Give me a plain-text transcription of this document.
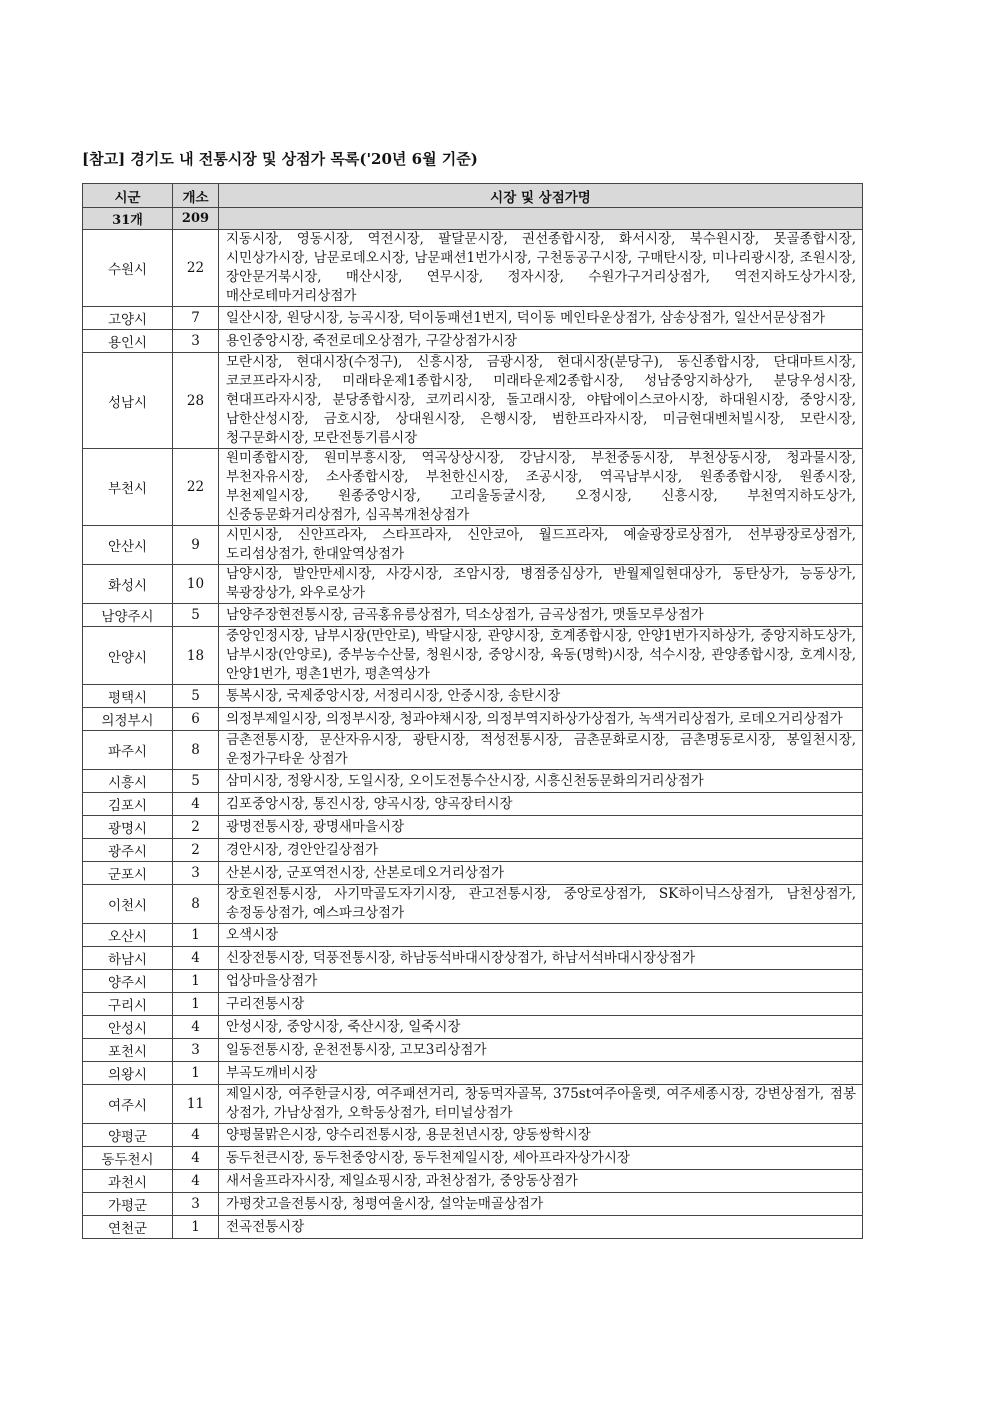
[참고] 경기도 내 전통시장 및 상점가 목록('20년 6월 기준)
시군	개소	시장 및 상점가명
31개	209	
수원시	22	지동시장, 영동시장, 역전시장, 팔달문시장, 권선종합시장, 화서시장, 북수원시장, 못골종합시장, 시민상가시장, 남문로데오시장, 남문패션1번가시장, 구천동공구시장, 구매탄시장, 미나리광시장, 조원시장, 장안문거북시장, 매산시장, 연무시장, 정자시장, 수원가구거리상점가, 역전지하도상가시장, 매산로테마거리상점가
고양시	7	일산시장, 원당시장, 능곡시장, 덕이동패션1번지, 덕이동 메인타운상점가, 삼송상점가, 일산서문상점가
용인시	3	용인중앙시장, 죽전로데오상점가, 구갈상점가시장
성남시	28	모란시장, 현대시장(수정구), 신흥시장, 금광시장, 현대시장(분당구), 동신종합시장, 단대마트시장, 코코프라자시장, 미래타운제1종합시장, 미래타운제2종합시장, 성남중앙지하상가, 분당우성시장, 현대프라자시장, 분당종합시장, 코끼리시장, 돌고래시장, 야탑에이스코아시장, 하대원시장, 중앙시장, 남한산성시장, 금호시장, 상대원시장, 은행시장, 범한프라자시장, 미금현대벤처빌시장, 모란시장, 청구문화시장, 모란전통기름시장
부천시	22	원미종합시장, 원미부흥시장, 역곡상상시장, 강남시장, 부천중동시장, 부천상동시장, 청과물시장, 부천자유시장, 소사종합시장, 부천한신시장, 조공시장, 역곡남부시장, 원종종합시장, 원종시장, 부천제일시장, 원종중앙시장, 고리울동굴시장, 오정시장, 신흥시장, 부천역지하도상가, 신중동문화거리상점가, 심곡복개천상점가
안산시	9	시민시장, 신안프라자, 스타프라자, 신안코아, 월드프라자, 예술광장로상점가, 선부광장로상점가, 도리섬상점가, 한대앞역상점가
화성시	10	남양시장, 발안만세시장, 사강시장, 조암시장, 병점중심상가, 반월제일현대상가, 동탄상가, 능동상가, 북광장상가, 와우로상가
남양주시	5	남양주장현전통시장, 금곡홍유릉상점가, 덕소상점가, 금곡상점가, 맷돌모루상점가
안양시	18	중앙인정시장, 남부시장(만안로), 박달시장, 관양시장, 호계종합시장, 안양1번가지하상가, 중앙지하도상가, 남부시장(안양로), 중부농수산물, 청원시장, 중앙시장, 육동(명학)시장, 석수시장, 관양종합시장, 호계시장, 안양1번가, 평촌1번가, 평촌역상가
평택시	5	통복시장, 국제중앙시장, 서정리시장, 안중시장, 송탄시장
의정부시	6	의정부제일시장, 의정부시장, 청과야채시장, 의정부역지하상가상점가, 녹색거리상점가, 로데오거리상점가
파주시	8	금촌전통시장, 문산자유시장, 광탄시장, 적성전통시장, 금촌문화로시장, 금촌명동로시장, 봉일천시장, 운정가구타운 상점가
시흥시	5	삼미시장, 정왕시장, 도일시장, 오이도전통수산시장, 시흥신천동문화의거리상점가
김포시	4	김포중앙시장, 통진시장, 양곡시장, 양곡장터시장
광명시	2	광명전통시장, 광명새마을시장
광주시	2	경안시장, 경안안길상점가
군포시	3	산본시장, 군포역전시장, 산본로데오거리상점가
이천시	8	장호원전통시장, 사기막골도자기시장, 관고전통시장, 중앙로상점가, SK하이닉스상점가, 남천상점가, 송정동상점가, 예스파크상점가
오산시	1	오색시장
하남시	4	신장전통시장, 덕풍전통시장, 하남동석바대시장상점가, 하남서석바대시장상점가
양주시	1	업상마을상점가
구리시	1	구리전통시장
안성시	4	안성시장, 중앙시장, 죽산시장, 일죽시장
포천시	3	일동전통시장, 운천전통시장, 고모3리상점가
의왕시	1	부곡도깨비시장
여주시	11	제일시장, 여주한글시장, 여주패션거리, 창동먹자골목, 375st여주아울렛, 여주세종시장, 강변상점가, 점봉 상점가, 가남상점가, 오학동상점가, 터미널상점가
양평군	4	양평물맑은시장, 양수리전통시장, 용문천년시장, 양동쌍학시장
동두천시	4	동두천큰시장, 동두천중앙시장, 동두천제일시장, 세아프라자상가시장
과천시	4	새서울프라자시장, 제일쇼핑시장, 과천상점가, 중앙동상점가
가평군	3	가평잣고을전통시장, 청평여울시장, 설악눈매골상점가
연천군	1	전곡전통시장
